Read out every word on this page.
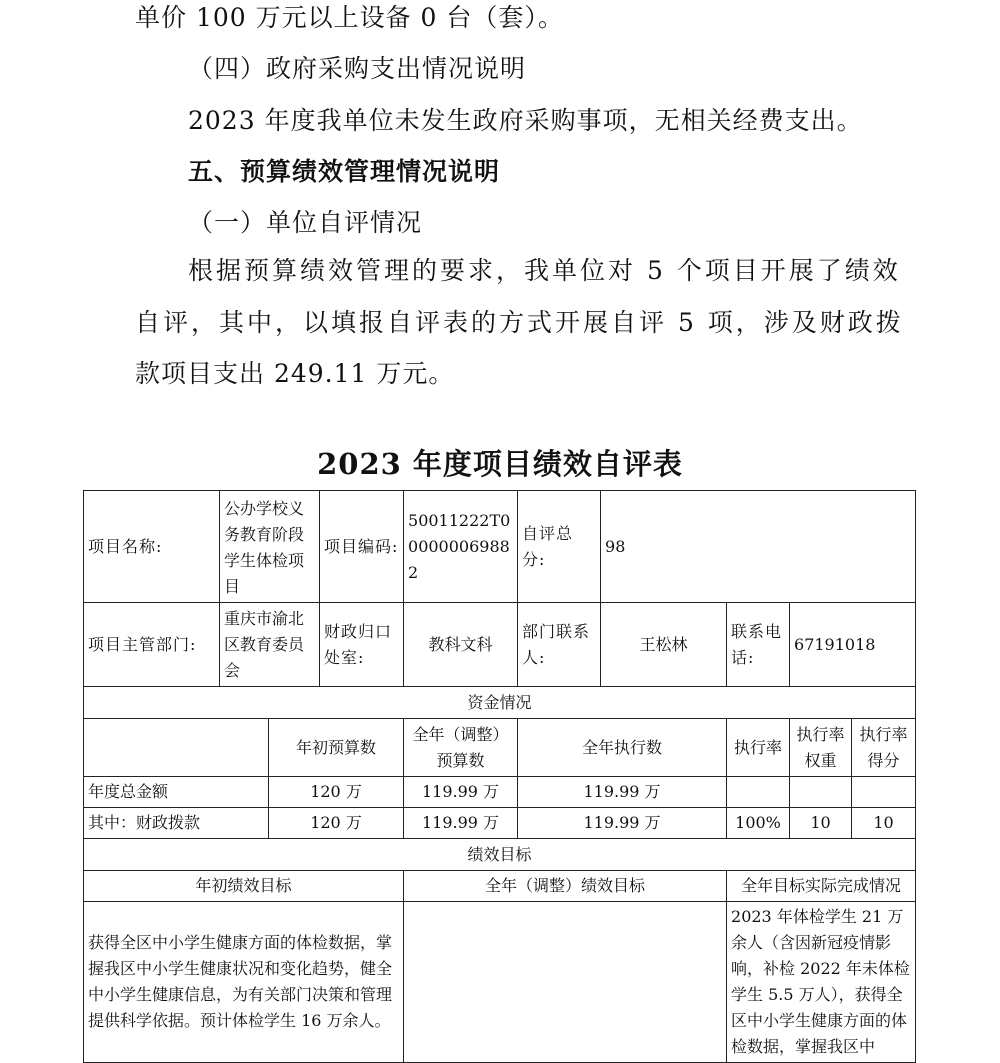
单价 100 万元以上设备 0 台（套）。
（四）政府采购支出情况说明
2023 年度我单位未发生政府采购事项，无相关经费支出。
五、预算绩效管理情况说明
（一）单位自评情况
根据预算绩效管理的要求，我单位对 5 个项目开展了绩效
自评，其中，以填报自评表的方式开展自评 5 项，涉及财政拨
款项目支出 249.11 万元。
2023 年度项目绩效自评表
项目名称:	公办学校义务教育阶段学生体检项目		项目编码:	50011222T000000069882	自评总分:	98			
项目主管部门:	重庆市渝北区教育委员会		财政归口处室:	教科文科	部门联系人:	王松林	联系电话:	67191018	
资金情况									
		年初预算数		全年（调整）预算数	全年执行数		执行率	执行率权重	执行率得分
年度总金额		120 万		119.99 万	119.99 万				
其中：财政拨款		120 万		119.99 万	119.99 万		100%	10	10
绩效目标									
年初绩效目标				全年（调整）绩效目标			全年目标实际完成情况		
获得全区中小学生健康方面的体检数据，掌握我区中小学生健康状况和变化趋势，健全中小学生健康信息，为有关部门决策和管理提供科学依据。预计体检学生 16 万余人。							2023 年体检学生 21 万余人（含因新冠疫情影响，补检 2022 年未体检学生 5.5 万人），获得全区中小学生健康方面的体检数据，掌握我区中		
